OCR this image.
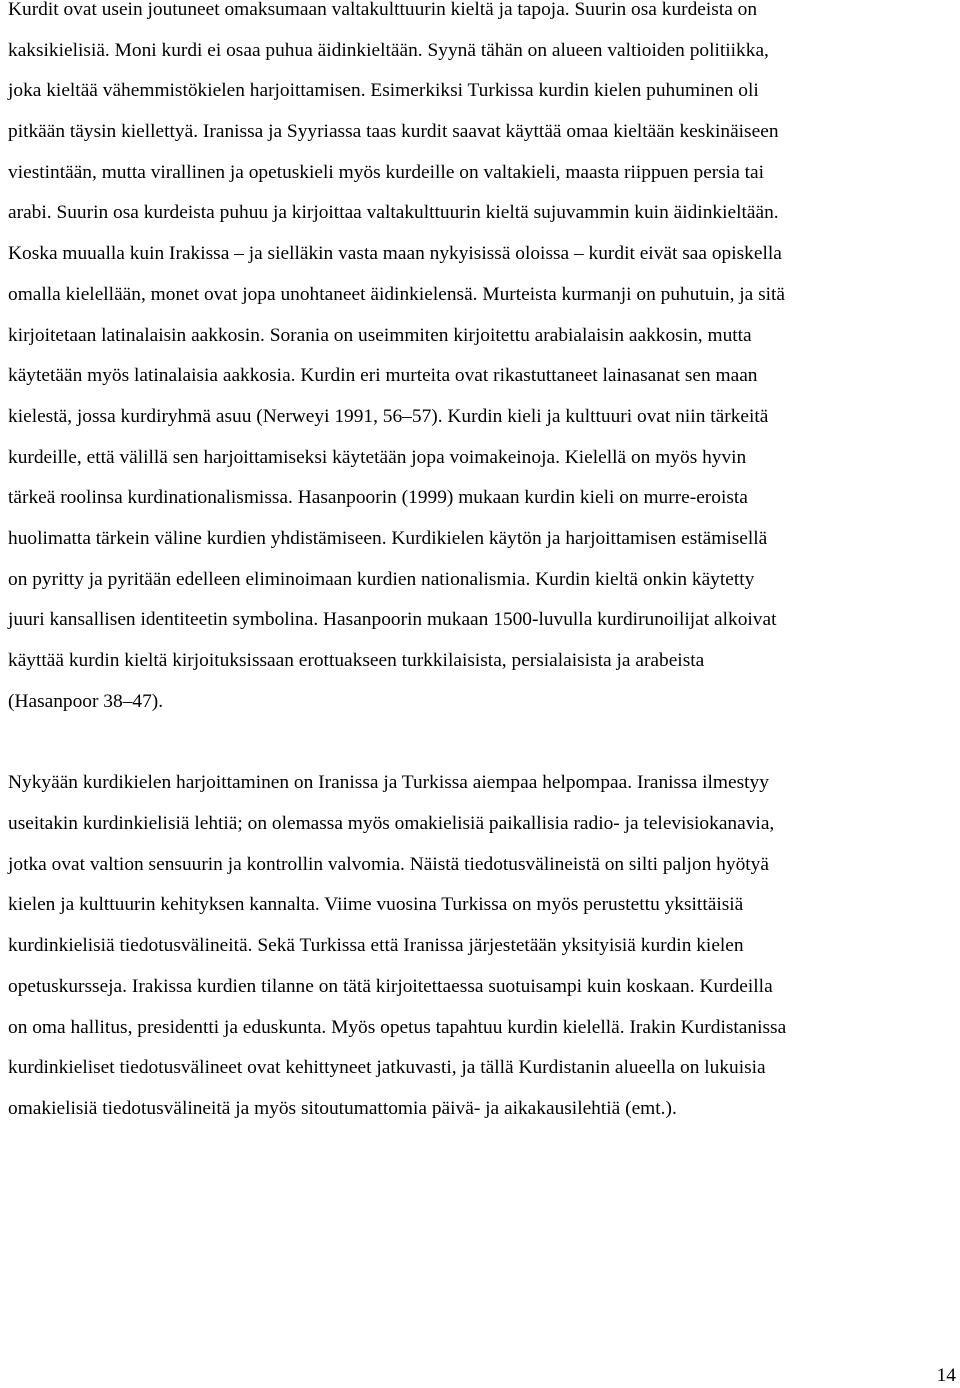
Kurdit ovat usein joutuneet omaksumaan valtakulttuurin kieltä ja tapoja. Suurin osa kurdeista on
kaksikielisiä. Moni kurdi ei osaa puhua äidinkieltään. Syynä tähän on alueen valtioiden politiikka,
joka kieltää vähemmistökielen harjoittamisen. Esimerkiksi Turkissa kurdin kielen puhuminen oli
pitkään täysin kiellettyä. Iranissa ja Syyriassa taas kurdit saavat käyttää omaa kieltään keskinäiseen
viestintään, mutta virallinen ja opetuskieli myös kurdeille on valtakieli, maasta riippuen persia tai
arabi. Suurin osa kurdeista puhuu ja kirjoittaa valtakulttuurin kieltä sujuvammin kuin äidinkieltään.
Koska muualla kuin Irakissa – ja sielläkin vasta maan nykyisissä oloissa – kurdit eivät saa opiskella
omalla kielellään, monet ovat jopa unohtaneet äidinkielensä. Murteista kurmanji on puhutuin, ja sitä
kirjoitetaan latinalaisin aakkosin. Sorania on useimmiten kirjoitettu arabialaisin aakkosin, mutta
käytetään myös latinalaisia aakkosia. Kurdin eri murteita ovat rikastuttaneet lainasanat sen maan
kielestä, jossa kurdiryhmä asuu (Nerweyi 1991, 56–57). Kurdin kieli ja kulttuuri ovat niin tärkeitä
kurdeille, että välillä sen harjoittamiseksi käytetään jopa voimakeinoja. Kielellä on myös hyvin
tärkeä roolinsa kurdinationalismissa. Hasanpoorin (1999) mukaan kurdin kieli on murre-eroista
huolimatta tärkein väline kurdien yhdistämiseen. Kurdikielen käytön ja harjoittamisen estämisellä
on pyritty ja pyritään edelleen eliminoimaan kurdien nationalismia. Kurdin kieltä onkin käytetty
juuri kansallisen identiteetin symbolina. Hasanpoorin mukaan 1500-luvulla kurdirunoilijat alkoivat
käyttää kurdin kieltä kirjoituksissaan erottuakseen turkkilaisista, persialaisista ja arabeista
(Hasanpoor 38–47).
Nykyään kurdikielen harjoittaminen on Iranissa ja Turkissa aiempaa helpompaa. Iranissa ilmestyy
useitakin kurdinkielisiä lehtiä; on olemassa myös omakielisiä paikallisia radio- ja televisiokanavia,
jotka ovat valtion sensuurin ja kontrollin valvomia. Näistä tiedotusvälineistä on silti paljon hyötyä
kielen ja kulttuurin kehityksen kannalta. Viime vuosina Turkissa on myös perustettu yksittäisiä
kurdinkielisiä tiedotusvälineitä. Sekä Turkissa että Iranissa järjestetään yksityisiä kurdin kielen
opetuskursseja. Irakissa kurdien tilanne on tätä kirjoitettaessa suotuisampi kuin koskaan. Kurdeilla
on oma hallitus, presidentti ja eduskunta. Myös opetus tapahtuu kurdin kielellä. Irakin Kurdistanissa
kurdinkieliset tiedotusvälineet ovat kehittyneet jatkuvasti, ja tällä Kurdistanin alueella on lukuisia
omakielisiä tiedotusvälineitä ja myös sitoutumattomia päivä- ja aikakausilehtiä (emt.).
14
